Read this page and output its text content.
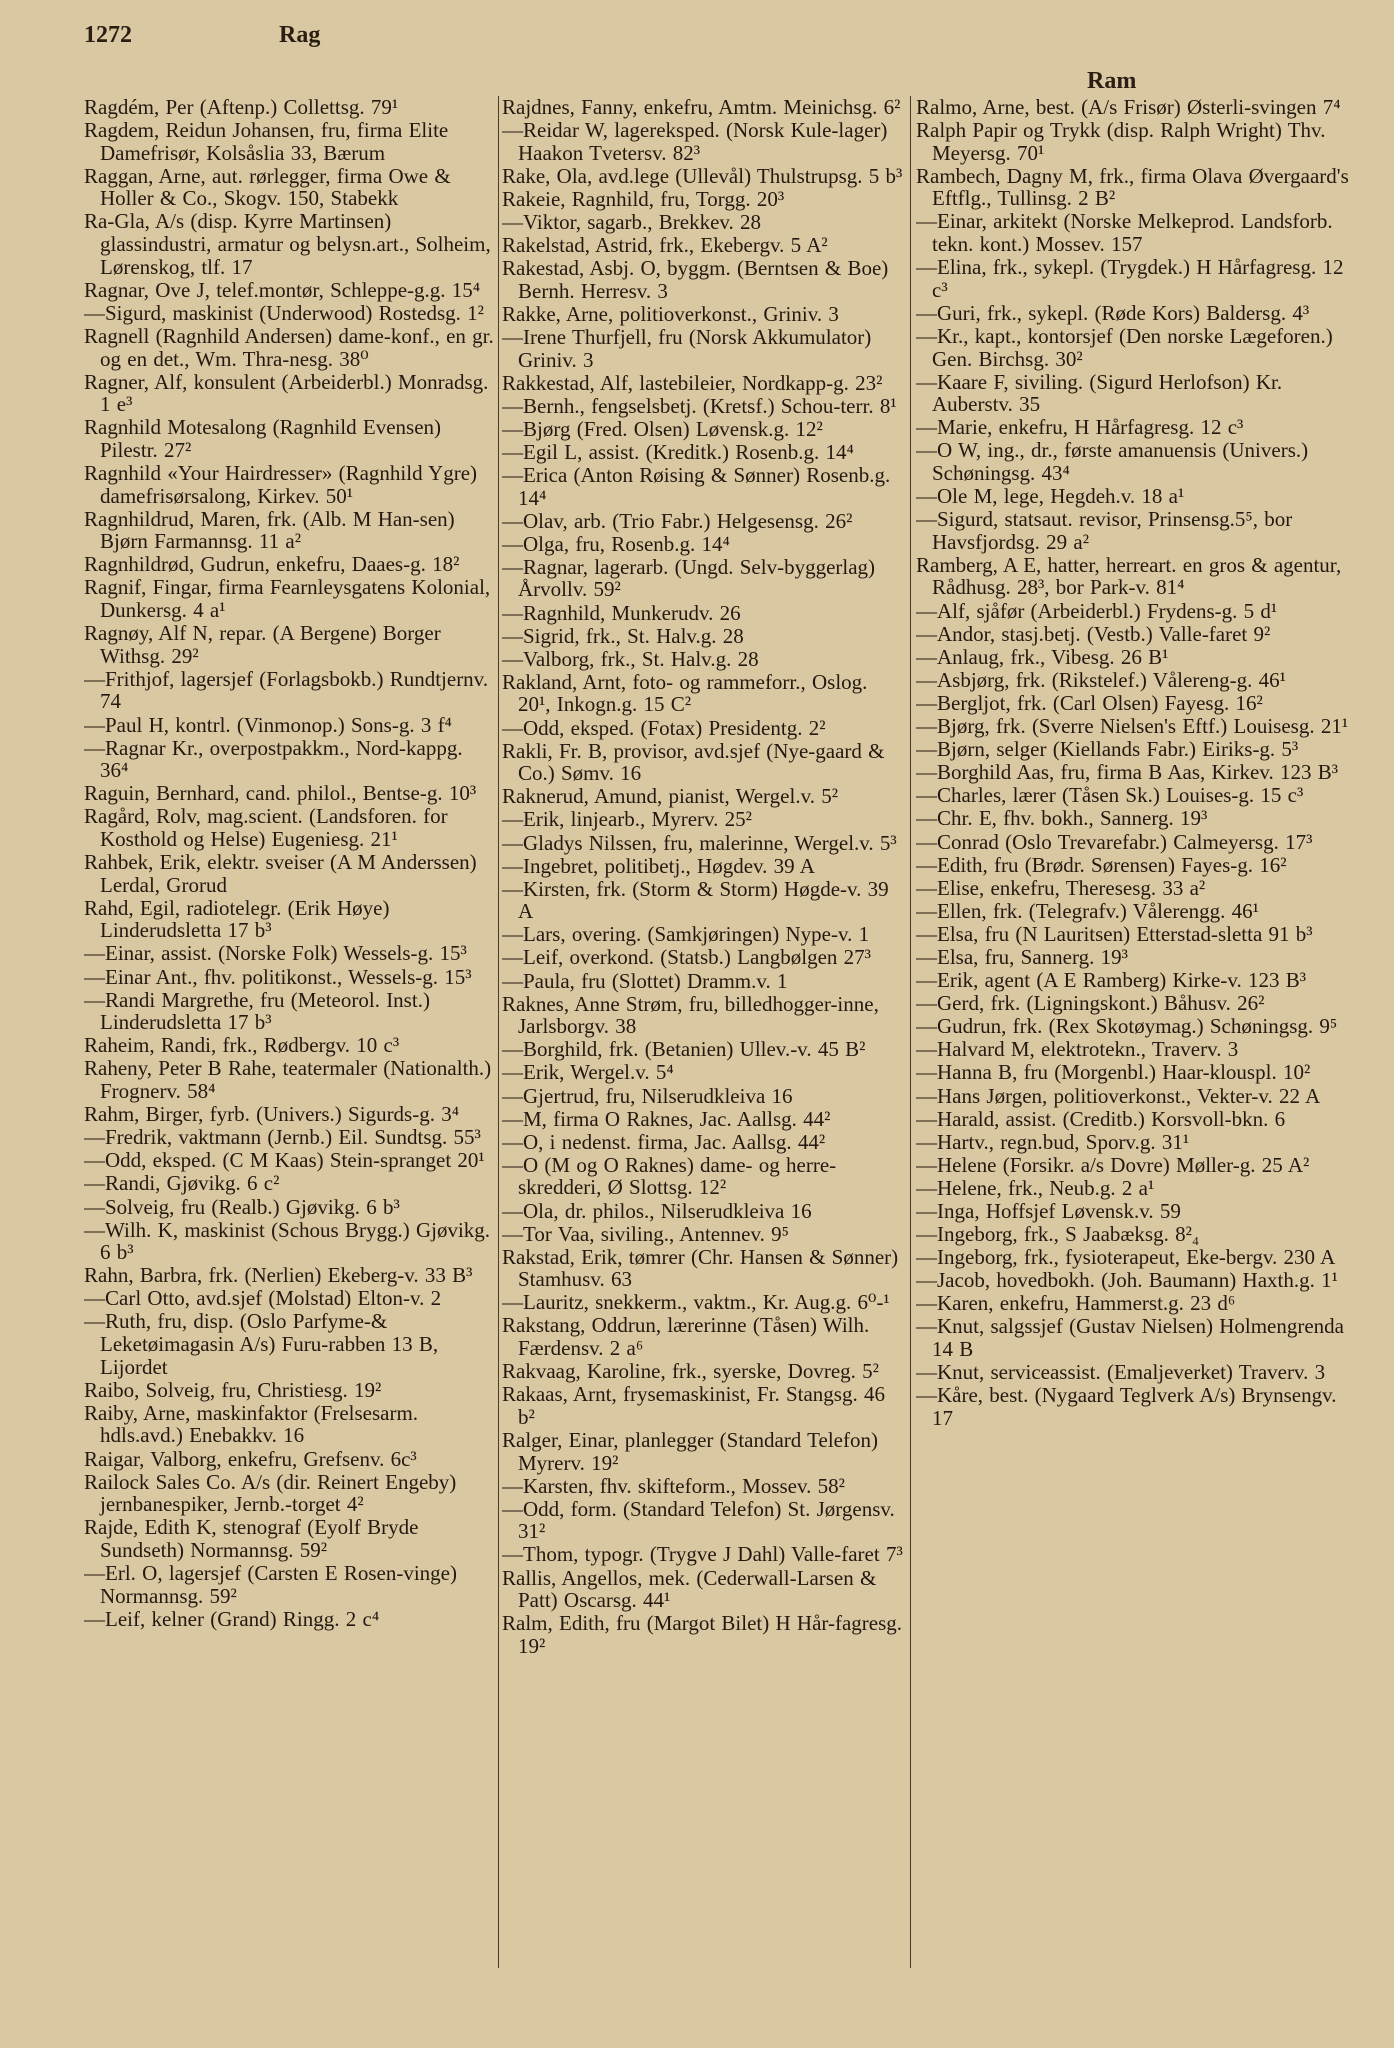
1272	Rag
Ram
Ragdém, Per (Aftenp.) Collettsg. 79¹
Ragdem, Reidun Johansen, fru, firma Elite Damefrisør, Kolsåslia 33, Bærum
Raggan, Arne, aut. rørlegger, firma Owe & Holler & Co., Skogv. 150, Stabekk
Ra-Gla, A/s (disp. Kyrre Martinsen) glassindustri, armatur og belysn.art., Solheim, Lørenskog, tlf. 17
Ragnar, Ove J, telef.montør, Schleppe-g.g. 15⁴
—Sigurd, maskinist (Underwood) Rostedsg. 1²
Ragnell (Ragnhild Andersen) dame-konf., en gr. og en det., Wm. Thra-nesg. 38⁰
Ragner, Alf, konsulent (Arbeiderbl.) Monradsg. 1 e³
Ragnhild Motesalong (Ragnhild Evensen) Pilestr. 27²
Ragnhild «Your Hairdresser» (Ragnhild Ygre) damefrisørsalong, Kirkev. 50¹
Ragnhildrud, Maren, frk. (Alb. M Han-sen) Bjørn Farmannsg. 11 a²
Ragnhildrød, Gudrun, enkefru, Daaes-g. 18²
Ragnif, Fingar, firma Fearnleysgatens Kolonial, Dunkersg. 4 a¹
Ragnøy, Alf N, repar. (A Bergene) Borger Withsg. 29²
—Frithjof, lagersjef (Forlagsbokb.) Rundtjernv. 74
—Paul H, kontrl. (Vinmonop.) Sons-g. 3 f⁴
—Ragnar Kr., overpostpakkm., Nord-kappg. 36⁴
Raguin, Bernhard, cand. philol., Bentse-g. 10³
Ragård, Rolv, mag.scient. (Landsforen. for Kosthold og Helse) Eugeniesg. 21¹
Rahbek, Erik, elektr. sveiser (A M Anderssen) Lerdal, Grorud
Rahd, Egil, radiotelegr. (Erik Høye) Linderudsletta 17 b³
—Einar, assist. (Norske Folk) Wessels-g. 15³
—Einar Ant., fhv. politikonst., Wessels-g. 15³
—Randi Margrethe, fru (Meteorol. Inst.) Linderudsletta 17 b³
Raheim, Randi, frk., Rødbergv. 10 c³
Raheny, Peter B Rahe, teatermaler (Nationalth.) Frognerv. 58⁴
Rahm, Birger, fyrb. (Univers.) Sigurds-g. 3⁴
—Fredrik, vaktmann (Jernb.) Eil. Sundtsg. 55³
—Odd, eksped. (C M Kaas) Stein-spranget 20¹
—Randi, Gjøvikg. 6 c²
—Solveig, fru (Realb.) Gjøvikg. 6 b³
—Wilh. K, maskinist (Schous Brygg.) Gjøvikg. 6 b³
Rahn, Barbra, frk. (Nerlien) Ekeberg-v. 33 B³
—Carl Otto, avd.sjef (Molstad) Elton-v. 2
—Ruth, fru, disp. (Oslo Parfyme-& Leketøimagasin A/s) Furu-rabben 13 B, Lijordet
Raibo, Solveig, fru, Christiesg. 19²
Raiby, Arne, maskinfaktor (Frelsesarm. hdls.avd.) Enebakkv. 16
Raigar, Valborg, enkefru, Grefsenv. 6c³
Railock Sales Co. A/s (dir. Reinert Engeby) jernbanespiker, Jernb.-torget 4²
Rajde, Edith K, stenograf (Eyolf Bryde Sundseth) Normannsg. 59²
—Erl. O, lagersjef (Carsten E Rosen-vinge) Normannsg. 59²
—Leif, kelner (Grand) Ringg. 2 c⁴
Rajdnes, Fanny, enkefru, Amtm. Meinichsg. 6²
—Reidar W, lagereksped. (Norsk Kule-lager) Haakon Tvetersv. 82³
Rake, Ola, avd.lege (Ullevål) Thulstrupsg. 5 b³
Rakeie, Ragnhild, fru, Torgg. 20³
—Viktor, sagarb., Brekkev. 28
Rakelstad, Astrid, frk., Ekebergv. 5 A²
Rakestad, Asbj. O, byggm. (Berntsen & Boe) Bernh. Herresv. 3
Rakke, Arne, politioverkonst., Griniv. 3
—Irene Thurfjell, fru (Norsk Akkumulator) Griniv. 3
Rakkestad, Alf, lastebileier, Nordkapp-g. 23²
—Bernh., fengselsbetj. (Kretsf.) Schou-terr. 8¹
—Bjørg (Fred. Olsen) Løvensk.g. 12²
—Egil L, assist. (Kreditk.) Rosenb.g. 14⁴
—Erica (Anton Røising & Sønner) Rosenb.g. 14⁴
—Olav, arb. (Trio Fabr.) Helgesensg. 26²
—Olga, fru, Rosenb.g. 14⁴
—Ragnar, lagerarb. (Ungd. Selv-byggerlag) Årvollv. 59²
—Ragnhild, Munkerudv. 26
—Sigrid, frk., St. Halv.g. 28
—Valborg, frk., St. Halv.g. 28
Rakland, Arnt, foto- og rammeforr., Oslog. 20¹, Inkogn.g. 15 C²
—Odd, eksped. (Fotax) Presidentg. 2²
Rakli, Fr. B, provisor, avd.sjef (Nye-gaard & Co.) Sømv. 16
Raknerud, Amund, pianist, Wergel.v. 5²
—Erik, linjearb., Myrerv. 25²
—Gladys Nilssen, fru, malerinne, Wergel.v. 5³
—Ingebret, politibetj., Høgdev. 39 A
—Kirsten, frk. (Storm & Storm) Høgde-v. 39 A
—Lars, overing. (Samkjøringen) Nype-v. 1
—Leif, overkond. (Statsb.) Langbølgen 27³
—Paula, fru (Slottet) Dramm.v. 1
Raknes, Anne Strøm, fru, billedhogger-inne, Jarlsborgv. 38
—Borghild, frk. (Betanien) Ullev.-v. 45 B²
—Erik, Wergel.v. 5⁴
—Gjertrud, fru, Nilserudkleiva 16
—M, firma O Raknes, Jac. Aallsg. 44²
—O, i nedenst. firma, Jac. Aallsg. 44²
—O (M og O Raknes) dame- og herre-skredderi, Ø Slottsg. 12²
—Ola, dr. philos., Nilserudkleiva 16
—Tor Vaa, siviling., Antennev. 9⁵
Rakstad, Erik, tømrer (Chr. Hansen & Sønner) Stamhusv. 63
—Lauritz, snekkerm., vaktm., Kr. Aug.g. 6⁰-¹
Rakstang, Oddrun, lærerinne (Tåsen) Wilh. Færdensv. 2 a⁶
Rakvaag, Karoline, frk., syerske, Dovreg. 5²
Rakaas, Arnt, frysemaskinist, Fr. Stangsg. 46 b²
Ralger, Einar, planlegger (Standard Telefon) Myrerv. 19²
—Karsten, fhv. skifteform., Mossev. 58²
—Odd, form. (Standard Telefon) St. Jørgensv. 31²
—Thom, typogr. (Trygve J Dahl) Valle-faret 7³
Rallis, Angellos, mek. (Cederwall-Larsen & Patt) Oscarsg. 44¹
Ralm, Edith, fru (Margot Bilet) H Hår-fagresg. 19²
Ralmo, Arne, best. (A/s Frisør) Østerli-svingen 7⁴
Ralph Papir og Trykk (disp. Ralph Wright) Thv. Meyersg. 70¹
Rambech, Dagny M, frk., firma Olava Øvergaard's Eftflg., Tullinsg. 2 B²
—Einar, arkitekt (Norske Melkeprod. Landsforb. tekn. kont.) Mossev. 157
—Elina, frk., sykepl. (Trygdek.) H Hårfagresg. 12 c³
—Guri, frk., sykepl. (Røde Kors) Baldersg. 4³
—Kr., kapt., kontorsjef (Den norske Lægeforen.) Gen. Birchsg. 30²
—Kaare F, siviling. (Sigurd Herlofson) Kr. Auberstv. 35
—Marie, enkefru, H Hårfagresg. 12 c³
—O W, ing., dr., første amanuensis (Univers.) Schøningsg. 43⁴
—Ole M, lege, Hegdeh.v. 18 a¹
—Sigurd, statsaut. revisor, Prinsensg.5⁵, bor Havsfjordsg. 29 a²
Ramberg, A E, hatter, herreart. en gros & agentur, Rådhusg. 28³, bor Park-v. 81⁴
—Alf, sjåfør (Arbeiderbl.) Frydens-g. 5 d¹
—Andor, stasj.betj. (Vestb.) Valle-faret 9²
—Anlaug, frk., Vibesg. 26 B¹
—Asbjørg, frk. (Rikstelef.) Vålereng-g. 46¹
—Bergljot, frk. (Carl Olsen) Fayesg. 16²
—Bjørg, frk. (Sverre Nielsen's Eftf.) Louisesg. 21¹
—Bjørn, selger (Kiellands Fabr.) Eiriks-g. 5³
—Borghild Aas, fru, firma B Aas, Kirkev. 123 B³
—Charles, lærer (Tåsen Sk.) Louises-g. 15 c³
—Chr. E, fhv. bokh., Sannerg. 19³
—Conrad (Oslo Trevarefabr.) Calmeyersg. 17³
—Edith, fru (Brødr. Sørensen) Fayes-g. 16²
—Elise, enkefru, Theresesg. 33 a²
—Ellen, frk. (Telegrafv.) Vålerengg. 46¹
—Elsa, fru (N Lauritsen) Etterstad-sletta 91 b³
—Elsa, fru, Sannerg. 19³
—Erik, agent (A E Ramberg) Kirke-v. 123 B³
—Gerd, frk. (Ligningskont.) Båhusv. 26²
—Gudrun, frk. (Rex Skotøymag.) Schøningsg. 9⁵
—Halvard M, elektrotekn., Traverv. 3
—Hanna B, fru (Morgenbl.) Haar-klouspl. 10²
—Hans Jørgen, politioverkonst., Vekter-v. 22 A
—Harald, assist. (Creditb.) Korsvoll-bkn. 6
—Hartv., regn.bud, Sporv.g. 31¹
—Helene (Forsikr. a/s Dovre) Møller-g. 25 A²
—Helene, frk., Neub.g. 2 a¹
—Inga, Hoffsjef Løvensk.v. 59
—Ingeborg, frk., S Jaabæksg. 8²₄
—Ingeborg, frk., fysioterapeut, Eke-bergv. 230 A
—Jacob, hovedbokh. (Joh. Baumann) Haxth.g. 1¹
—Karen, enkefru, Hammerst.g. 23 d⁶
—Knut, salgssjef (Gustav Nielsen) Holmengrenda 14 B
—Knut, serviceassist. (Emaljeverket) Traverv. 3
—Kåre, best. (Nygaard Teglverk A/s) Brynsengv. 17
